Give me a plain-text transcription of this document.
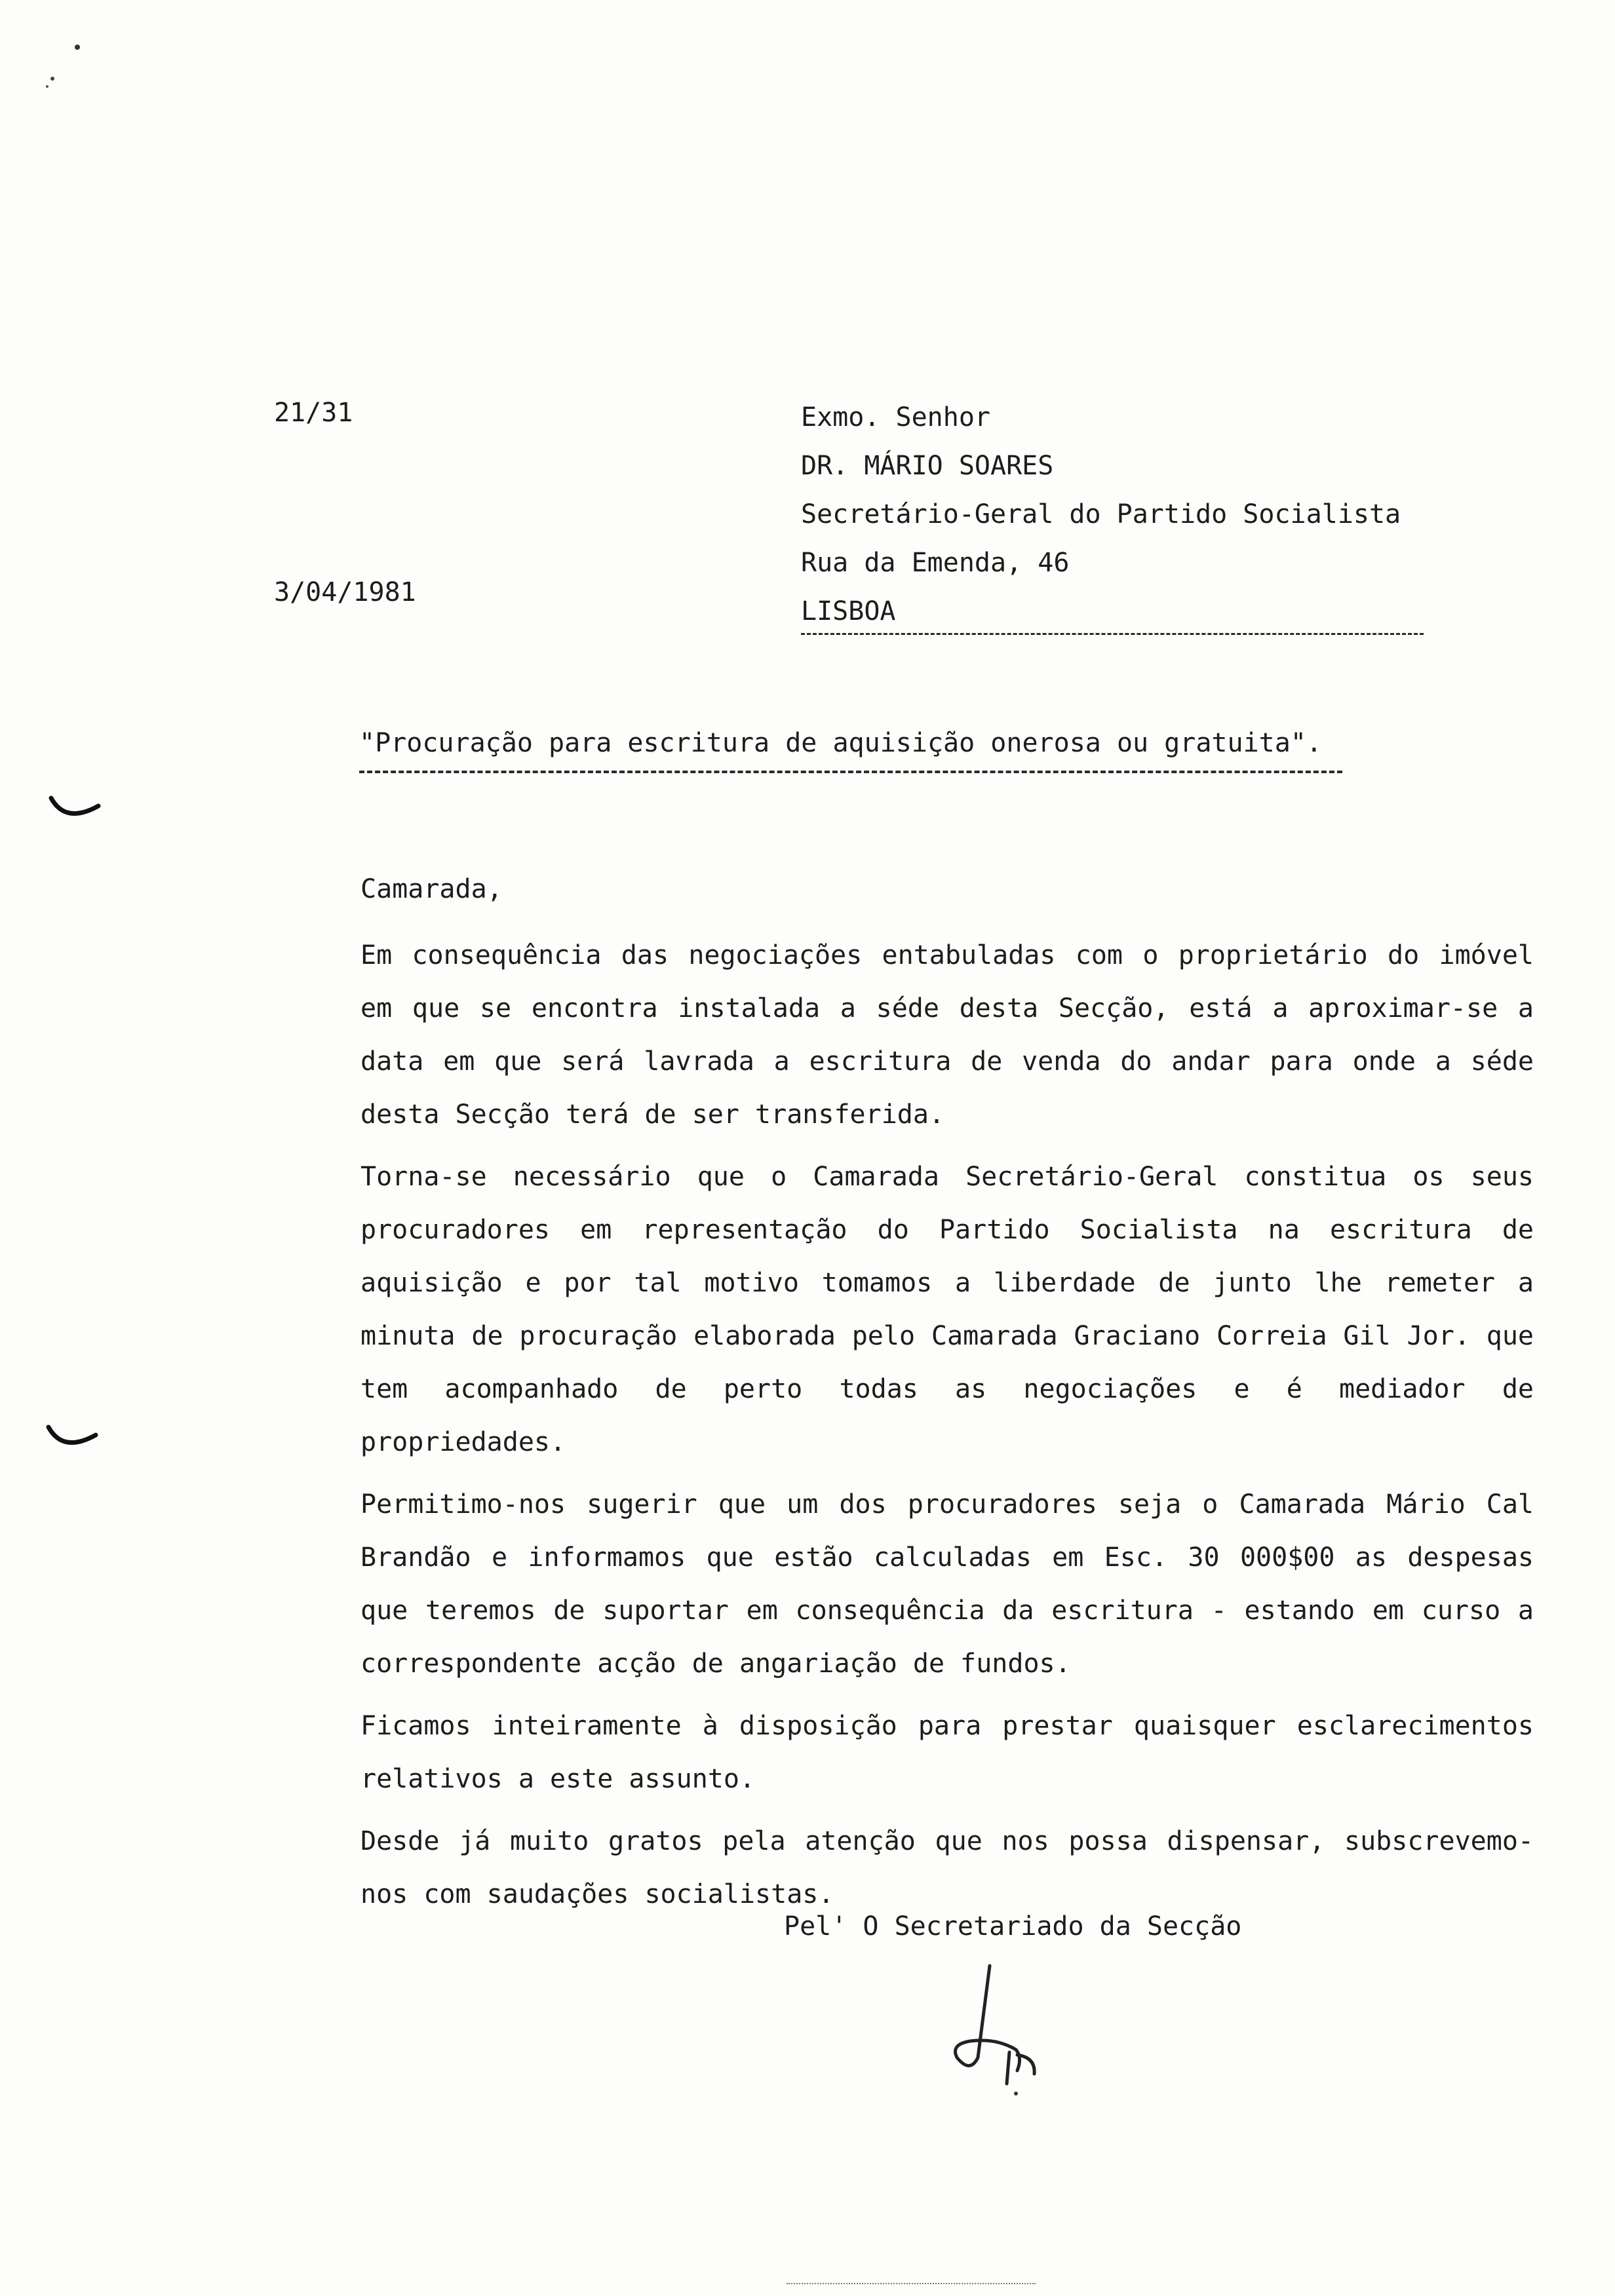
21/31
3/04/1981
Exmo. Senhor
DR. MÁRIO SOARES
Secretário-Geral do Partido Socialista
Rua da Emenda, 46
LISBOA
"Procuração para escritura de aquisição onerosa ou gratuita".
Camarada,

Em consequência das negociações entabuladas com o proprietário do imóvel em que se encontra instalada a séde desta Secção, está a aproximar-se a data em que será lavrada a escritura de venda do andar para onde a séde desta Secção terá de ser transferida.

Torna-se necessário que o Camarada Secretário-Geral constitua os seus procuradores em representação do Partido Socialista na escritura de aquisição e por tal motivo tomamos a liberdade de junto lhe remeter a minuta de procuração elaborada pelo Camarada Graciano Correia Gil Jor. que tem acompanhado de perto todas as negociações e é mediador de propriedades.

Permitimo-nos sugerir que um dos procuradores seja o Camarada Mário Cal Brandão e informamos que estão calculadas em Esc. 30 000$00 as despesas que teremos de suportar em consequência da escritura - estando em curso a correspondente acção de angariação de fundos.

Ficamos inteiramente à disposição para prestar quaisquer esclarecimentos relativos a este assunto.

Desde já muito gratos pela atenção que nos possa dispensar, subscrevemo-nos com saudações socialistas.

Pel' O Secretariado da Secção
